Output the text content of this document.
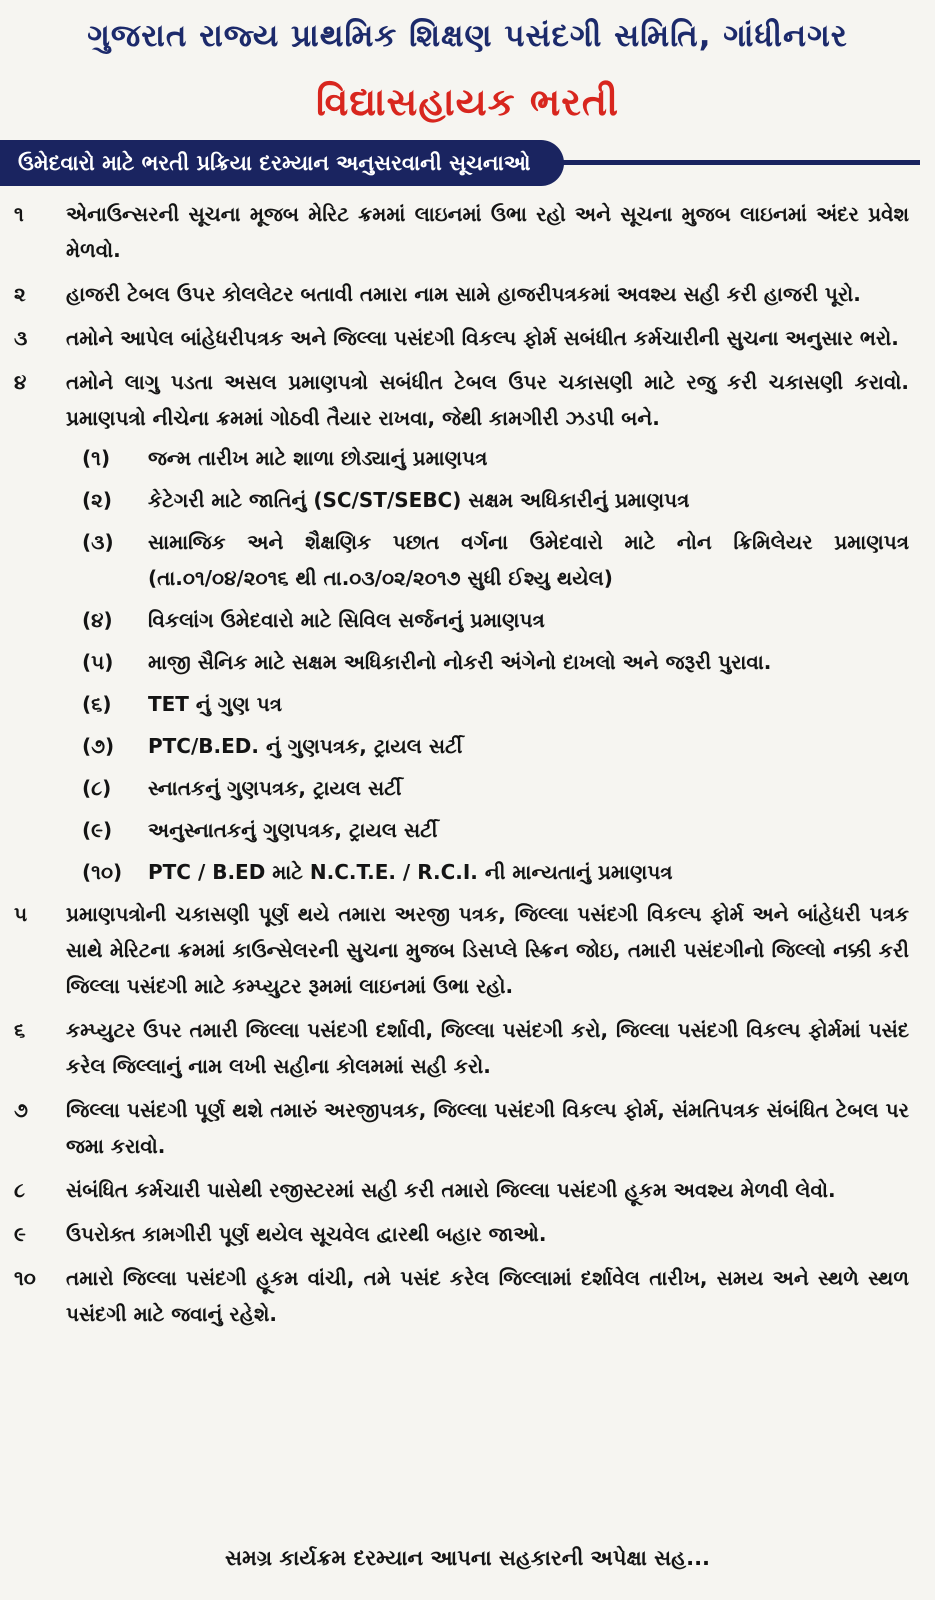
ગુજરાત રાજ્ય પ્રાથમિક શિક્ષણ પસંદગી સમિતિ, ગાંધીનગર
વિદ્યાસહાયક ભરતી
ઉમેદવારો માટે ભરતી પ્રક્રિયા દરમ્યાન અનુસરવાની સૂચનાઓ
૧ એનાઉન્સરની સૂચના મૂજબ મેરિટ ક્રમમાં લાઇનમાં ઉભા રહો અને સૂચના મુજબ લાઇનમાં અંદર પ્રવેશ મેળવો.
૨ હાજરી ટેબલ ઉપર કોલલેટર બતાવી તમારા નામ સામે હાજરીપત્રકમાં અવશ્ય સહી કરી હાજરી પૂરો.
૩ તમોને આપેલ બાંહેધરીપત્રક અને જિલ્લા પસંદગી વિકલ્પ ફોર્મ સબંધીત કર્મચારીની સુચના અનુસાર ભરો.
૪ તમોને લાગુ પડતા અસલ પ્રમાણપત્રો સબંધીત ટેબલ ઉપર ચકાસણી માટે રજુ કરી ચકાસણી કરાવો. પ્રમાણપત્રો નીચેના ક્રમમાં ગોઠવી તૈયાર રાખવા, જેથી કામગીરી ઝડપી બને.
(૧) જન્મ તારીખ માટે શાળા છોડ્યાનું પ્રમાણપત્ર
(૨) કેટેગરી માટે જાતિનું (SC/ST/SEBC) સક્ષમ અધિકારીનું પ્રમાણપત્ર
(૩) સામાજિક અને શૈક્ષણિક પછાત વર્ગના ઉમેદવારો માટે નોન ક્રિમિલેયર પ્રમાણપત્ર (તા.૦૧/૦૪/૨૦૧૬ થી તા.૦૩/૦૨/૨૦૧૭ સુધી ઈશ્યુ થયેલ)
(૪) વિકલાંગ ઉમેદવારો માટે સિવિલ સર્જનનું પ્રમાણપત્ર
(૫) માજી સૈનિક માટે સક્ષમ અધિકારીનો નોકરી અંગેનો દાખલો અને જરૂરી પુરાવા.
(૬) TET નું ગુણ પત્ર
(૭) PTC/B.ED. નું ગુણપત્રક, ટ્રાયલ સર્ટી
(૮) સ્નાતકનું ગુણપત્રક, ટ્રાયલ સર્ટી
(૯) અનુસ્નાતકનું ગુણપત્રક, ટ્રાયલ સર્ટી
(૧૦) PTC / B.ED માટે N.C.T.E. / R.C.I. ની માન્યતાનું પ્રમાણપત્ર
૫ પ્રમાણપત્રોની ચકાસણી પૂર્ણ થયે તમારા અરજી પત્રક, જિલ્લા પસંદગી વિકલ્પ ફોર્મ અને બાંહેધરી પત્રક સાથે મેરિટના ક્રમમાં કાઉન્સેલરની સુચના મુજબ ડિસપ્લે સ્ક્રિન જોઇ, તમારી પસંદગીનો જિલ્લો નક્કી કરી જિલ્લા પસંદગી માટે કમ્પ્યુટર રૂમમાં લાઇનમાં ઉભા રહો.
૬ કમ્પ્યુટર ઉપર તમારી જિલ્લા પસંદગી દર્શાવી, જિલ્લા પસંદગી કરો, જિલ્લા પસંદગી વિકલ્પ ફોર્મમાં પસંદ કરેલ જિલ્લાનું નામ લખી સહીના કોલમમાં સહી કરો.
૭ જિલ્લા પસંદગી પૂર્ણ થશે તમારું અરજીપત્રક, જિલ્લા પસંદગી વિકલ્પ ફોર્મ, સંમતિપત્રક સંબંધિત ટેબલ પર જમા કરાવો.
૮ સંબંધિત કર્મચારી પાસેથી રજીસ્ટરમાં સહી કરી તમારો જિલ્લા પસંદગી હૂકમ અવશ્ય મેળવી લેવો.
૯ ઉપરોક્ત કામગીરી પૂર્ણ થયેલ સૂચવેલ દ્વારથી બહાર જાઓ.
૧૦ તમારો જિલ્લા પસંદગી હૂકમ વાંચી, તમે પસંદ કરેલ જિલ્લામાં દર્શાવેલ તારીખ, સમય અને સ્થળે સ્થળ પસંદગી માટે જવાનું રહેશે.
સમગ્ર કાર્યક્રમ દરમ્યાન આપના સહકારની અપેક્ષા સહ...
